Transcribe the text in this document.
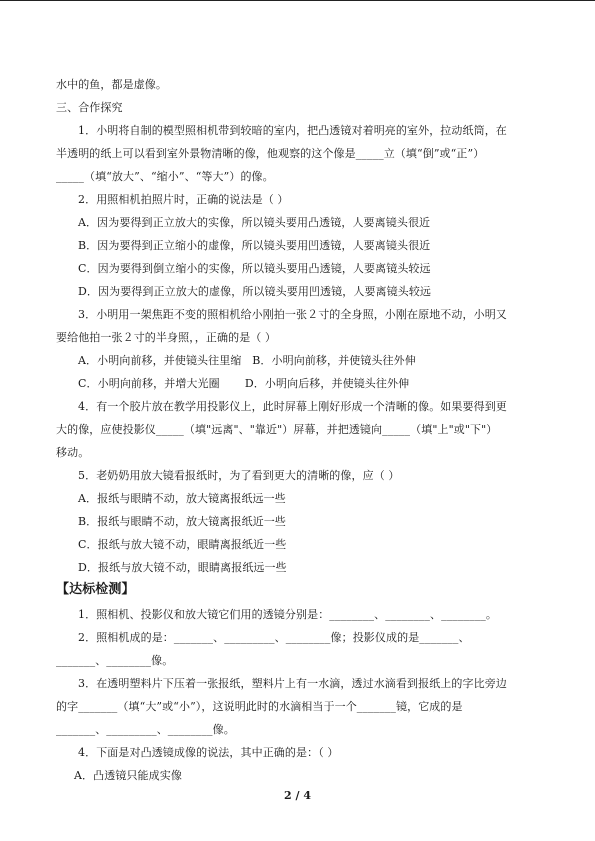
水中的鱼，都是虚像。
三、合作探究
1．小明将自制的模型照相机带到较暗的室内，把凸透镜对着明亮的室外，拉动纸筒，在
半透明的纸上可以看到室外景物清晰的像，他观察的这个像是_____立（填“倒”或“正”）
_____（填“放大”、“缩小”、“等大”）的像。
2．用照相机拍照片时，正确的说法是（ ）
A．因为要得到正立放大的实像，所以镜头要用凸透镜，人要离镜头很近
B．因为要得到正立缩小的虚像，所以镜头要用凹透镜，人要离镜头很近
C．因为要得到倒立缩小的实像，所以镜头要用凸透镜，人要离镜头较远
D．因为要得到正立放大的虚像，所以镜头要用凹透镜，人要离镜头较远
3．小明用一架焦距不变的照相机给小刚拍一张２寸的全身照，小刚在原地不动，小明又
要给他拍一张２寸的半身照，，正确的是（ ）
A．小明向前移，并使镜头往里缩   B．小明向前移，并使镜头往外伸
C．小明向前移，并增大光圈       D．小明向后移，并使镜头往外伸
4．有一个胶片放在教学用投影仪上，此时屏幕上刚好形成一个清晰的像。如果要得到更
大的像，应使投影仪_____（填"远离"、"靠近"）屏幕，并把透镜向_____（填"上"或"下"）
移动。
5．老奶奶用放大镜看报纸时，为了看到更大的清晰的像，应（ ）
A．报纸与眼睛不动，放大镜离报纸远一些
B．报纸与眼睛不动，放大镜离报纸近一些
C．报纸与放大镜不动，眼睛离报纸近一些
D．报纸与放大镜不动，眼睛离报纸远一些
【达标检测】
1．照相机、投影仪和放大镜它们用的透镜分别是：________、________、________。
2．照相机成的是：_______、_________、________像；投影仪成的是_______、
_______、________像。
3．在透明塑料片下压着一张报纸，塑料片上有一水滴，透过水滴看到报纸上的字比旁边
的字_______（填“大”或“小”），这说明此时的水滴相当于一个_______镜，它成的是
_______、_________、________像。
4．下面是对凸透镜成像的说法，其中正确的是：（ ）
A．凸透镜只能成实像
2 / 4
